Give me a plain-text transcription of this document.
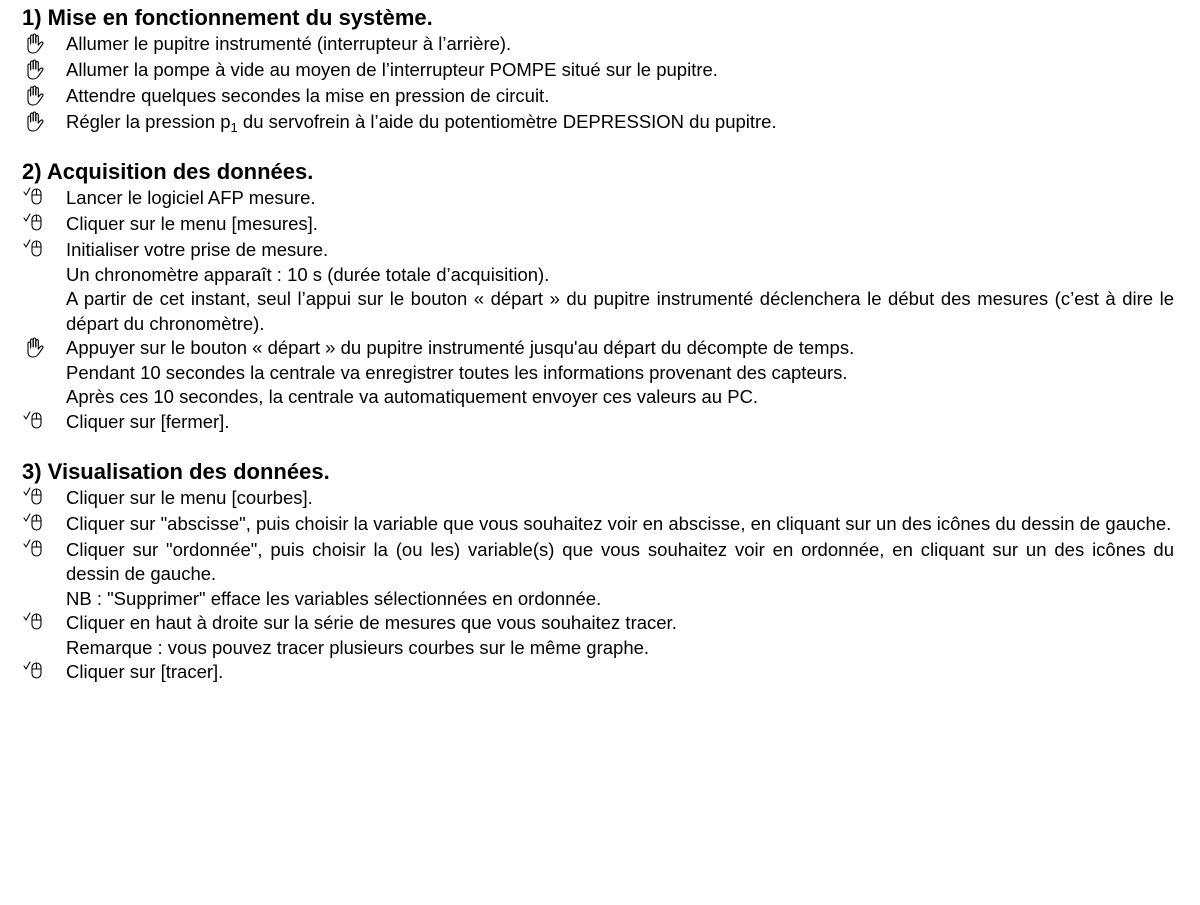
1) Mise en fonctionnement du système.
Allumer le pupitre instrumenté (interrupteur à l’arrière).
Allumer la pompe à vide au moyen de l’interrupteur POMPE situé sur le pupitre.
Attendre quelques secondes la mise en pression de circuit.
Régler la pression $p_1$ du servofrein à l’aide du potentiomètre DEPRESSION du pupitre.
2) Acquisition des données.
Lancer le logiciel AFP mesure.
Cliquer sur le menu [mesures].
Initialiser votre prise de mesure.
Un chronomètre apparaît : 10 s (durée totale d’acquisition).
A partir de cet instant, seul l’appui sur le bouton « départ » du pupitre instrumenté déclenchera le début des mesures (c’est à dire le départ du chronomètre).
Appuyer sur le bouton « départ » du pupitre instrumenté jusqu'au départ du décompte de temps.
Pendant 10 secondes la centrale va enregistrer toutes les informations provenant des capteurs.
Après ces 10 secondes, la centrale va automatiquement envoyer ces valeurs au PC.
Cliquer sur [fermer].
3) Visualisation des données.
Cliquer sur le menu [courbes].
Cliquer sur "abscisse", puis choisir la variable que vous souhaitez voir en abscisse, en cliquant sur un des icônes du dessin de gauche.
Cliquer sur "ordonnée", puis choisir la (ou les) variable(s) que vous souhaitez voir en ordonnée, en cliquant sur un des icônes du dessin de gauche.
NB : "Supprimer" efface les variables sélectionnées en ordonnée.
Cliquer en haut à droite sur la série de mesures que vous souhaitez tracer.
Remarque : vous pouvez tracer plusieurs courbes sur le même graphe.
Cliquer sur [tracer].
